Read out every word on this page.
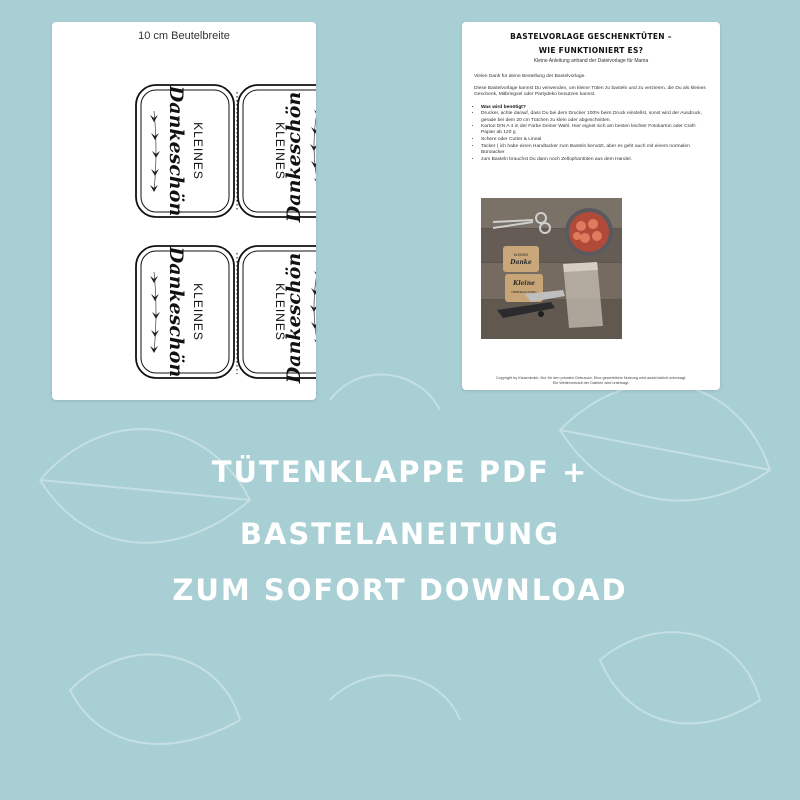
10 cm Beutelbreite
Dankeschön KLEINES	KLEINES
Dankeschön
Dankeschön KLEINES	KLEINES
Dankeschön
BASTELVORLAGE GESCHENKTÜTEN –
WIE FUNKTIONIERT ES?
Kleine Anleitung anhand der Dateivorlage für Mama

Vielen Dank für deine Bestellung der Bastelvorlage.

Diese Bastelvorlage kannst Du verwenden, um kleine Tüten zu basteln und zu verzieren, die Du als kleines Geschenk, Mitbringsel oder Partydeko benutzen kannst.

• Was wird benötigt?
• Drucker, achte darauf, dass Du bei dem Drucker 100% beim Druck einstellst, sonst wird der Ausdruck, gerade bei dem 20 cm Tütchen zu klein oder abgeschnitten.
• Karton DIN A 4 in der Farbe Deiner Wahl. Hier eignet sich am besten leichter Fotokarton oder Craft-Papier ab 120 g
• Schere oder Cutter & Lineal
• Tacker ( ich habe einen Handtacker zum Basteln benutzt, aber es geht auch mit einem normalen Bürotacker
• zum Basteln brauchst Du dann noch Zellophantüten aus dem Handel.
KLEINES
Danke
Kleine
ÜBERRASCHUNG
Copyright by Kissenknick. Nur für den privaten Gebrauch. Eine gewerbliche Nutzung wird ausdrücklich untersagt.
Ein Weiterverkauf der Dateien wird untersagt.
TÜTENKLAPPE PDF +
BASTELANEITUNG
ZUM SOFORT DOWNLOAD
